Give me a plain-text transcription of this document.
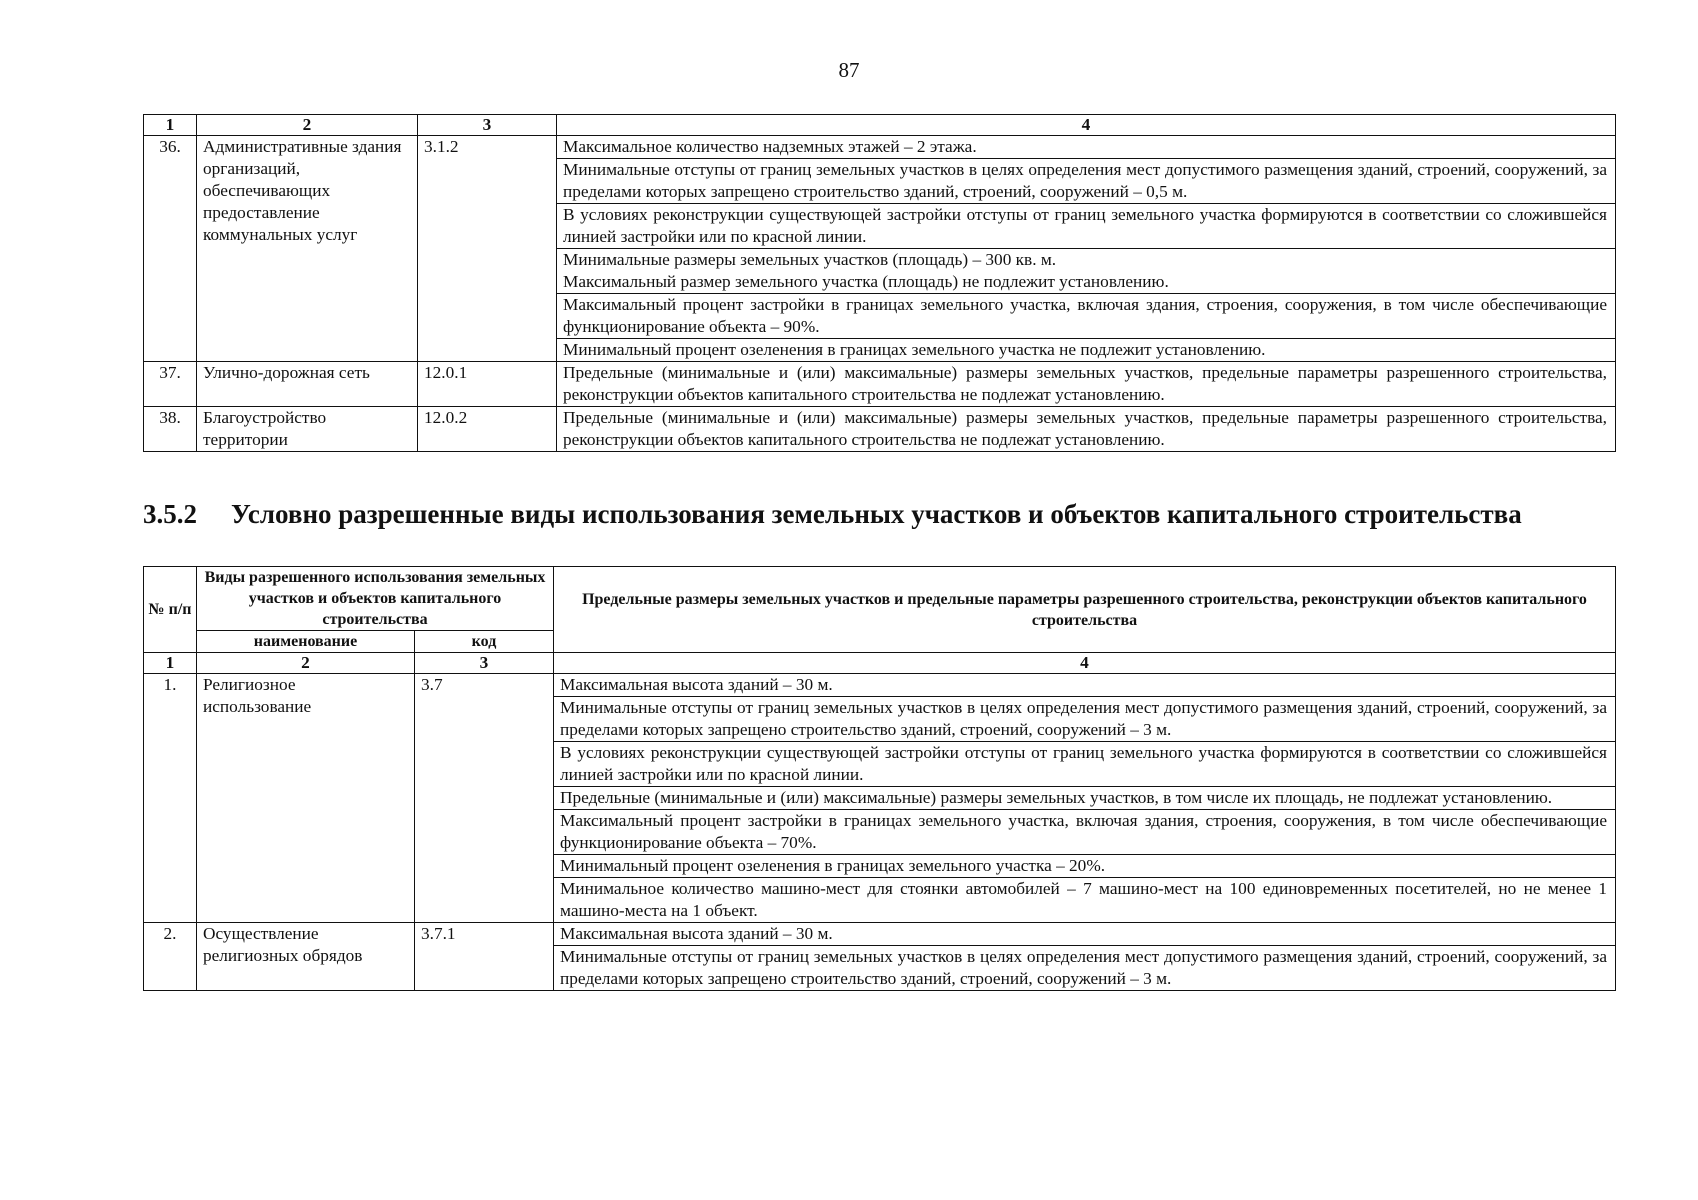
87
1	2	3	4
36.	Административные здания организаций, обеспечивающих предоставление коммунальных услуг	3.1.2	Максимальное количество надземных этажей – 2 этажа.
			Минимальные отступы от границ земельных участков в целях определения мест допустимого размещения зданий, строений, сооружений, за пределами которых запрещено строительство зданий, строений, сооружений – 0,5 м.
			В условиях реконструкции существующей застройки отступы от границ земельного участка формируются в соответствии со сложившейся линией застройки или по красной линии.
			Минимальные размеры земельных участков (площадь) – 300 кв. м.
			Максимальный размер земельного участка (площадь) не подлежит установлению.
			Максимальный процент застройки в границах земельного участка, включая здания, строения, сооружения, в том числе обеспечивающие функционирование объекта – 90%.
			Минимальный процент озеленения в границах земельного участка не подлежит установлению.
37.	Улично-дорожная сеть	12.0.1	Предельные (минимальные и (или) максимальные) размеры земельных участков, предельные параметры разрешенного строительства, реконструкции объектов капитального строительства не подлежат установлению.
38.	Благоустройство территории	12.0.2	Предельные (минимальные и (или) максимальные) размеры земельных участков, предельные параметры разрешенного строительства, реконструкции объектов капитального строительства не подлежат установлению.
3.5.2 Условно разрешенные виды использования земельных участков и объектов капитального строительства
№ п/п	Виды разрешенного использования земельных участков и объектов капитального строительства		Предельные размеры земельных участков и предельные параметры разрешенного строительства, реконструкции объектов капитального строительства
	наименование	код	
1	2	3	4
1.	Религиозное использование	3.7	Максимальная высота зданий – 30 м.
			Минимальные отступы от границ земельных участков в целях определения мест допустимого размещения зданий, строений, сооружений, за пределами которых запрещено строительство зданий, строений, сооружений – 3 м.
			В условиях реконструкции существующей застройки отступы от границ земельного участка формируются в соответствии со сложившейся линией застройки или по красной линии.
			Предельные (минимальные и (или) максимальные) размеры земельных участков, в том числе их площадь, не подлежат установлению.
			Максимальный процент застройки в границах земельного участка, включая здания, строения, сооружения, в том числе обеспечивающие функционирование объекта – 70%.
			Минимальный процент озеленения в границах земельного участка – 20%.
			Минимальное количество машино-мест для стоянки автомобилей – 7 машино-мест на 100 единовременных посетителей, но не менее 1 машино-места на 1 объект.
2.	Осуществление религиозных обрядов	3.7.1	Максимальная высота зданий – 30 м.
			Минимальные отступы от границ земельных участков в целях определения мест допустимого размещения зданий, строений, сооружений, за пределами которых запрещено строительство зданий, строений, сооружений – 3 м.
